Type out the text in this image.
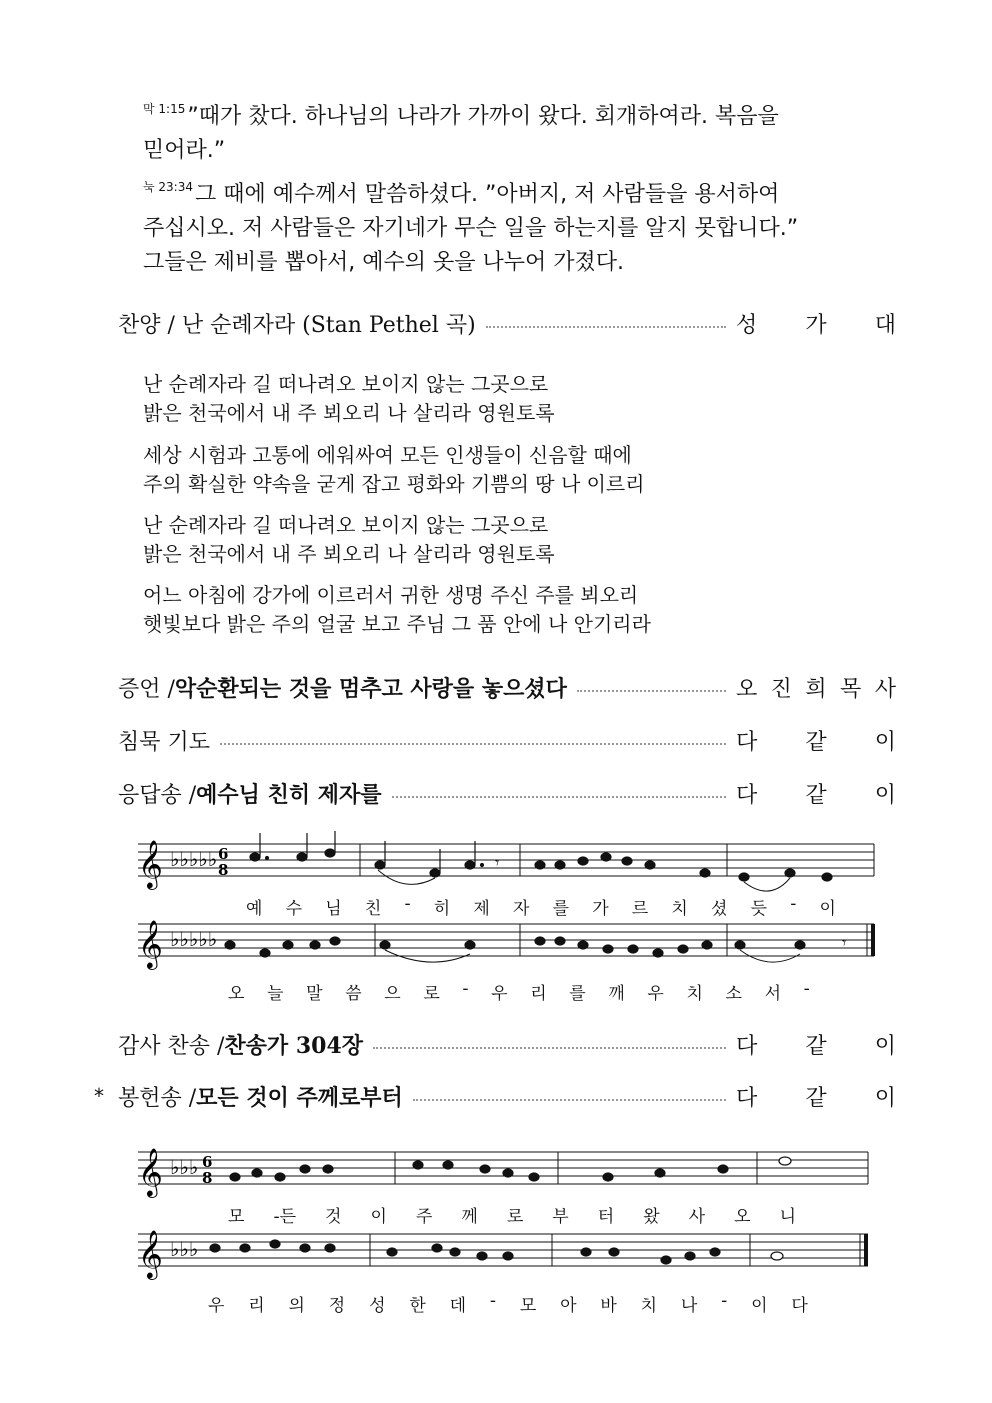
$^{막 1:15}$”때가 찼다. 하나님의 나라가 가까이 왔다. 회개하여라. 복음을
믿어라.”
$^{눅 23:34}$그 때에 예수께서 말씀하셨다. ”아버지, 저 사람들을 용서하여
주십시오. 저 사람들은 자기네가 무슨 일을 하는지를 알지 못합니다.”
그들은 제비를 뽑아서, 예수의 옷을 나누어 가졌다.
찬양 / 난 순례자라 (Stan Pethel 곡)	성 가 대
난 순례자라 길 떠나려오 보이지 않는 그곳으로
밝은 천국에서 내 주 뵈오리 나 살리라 영원토록
세상 시험과 고통에 에워싸여 모든 인생들이 신음할 때에
주의 확실한 약속을 굳게 잡고 평화와 기쁨의 땅 나 이르리
난 순례자라 길 떠나려오 보이지 않는 그곳으로
밝은 천국에서 내 주 뵈오리 나 살리라 영원토록
어느 아침에 강가에 이르러서 귀한 생명 주신 주를 뵈오리
햇빛보다 밝은 주의 얼굴 보고 주님 그 품 안에 나 안기리라
증언 / 악순환되는 것을 멈추고 사랑을 놓으셨다	오 진 희 목 사
침묵 기도	다 같 이
응답송 / 예수님 친히 제자를	다 같 이
𝄞
𝄞
♭♭♭♭♭
♭♭♭♭♭
6
8	𝄾
𝄾
예 수 님 친 - 히 제 자 를 가 르 치 셨 듯 - 이
오 늘 말 씀 으 로 - 우 리 를 깨 우 치 소 서 -
감사 찬송 / 찬송가 304장	다 같 이
* 봉헌송 / 모든 것이 주께로부터	다 같 이
𝄞
𝄞
♭♭♭
♭♭♭
6
8
모 -든 것 이 주 께 로 부 터 왔 사 오 니
우 리 의 정 성 한 데 - 모 아 바 치 나 - 이 다
